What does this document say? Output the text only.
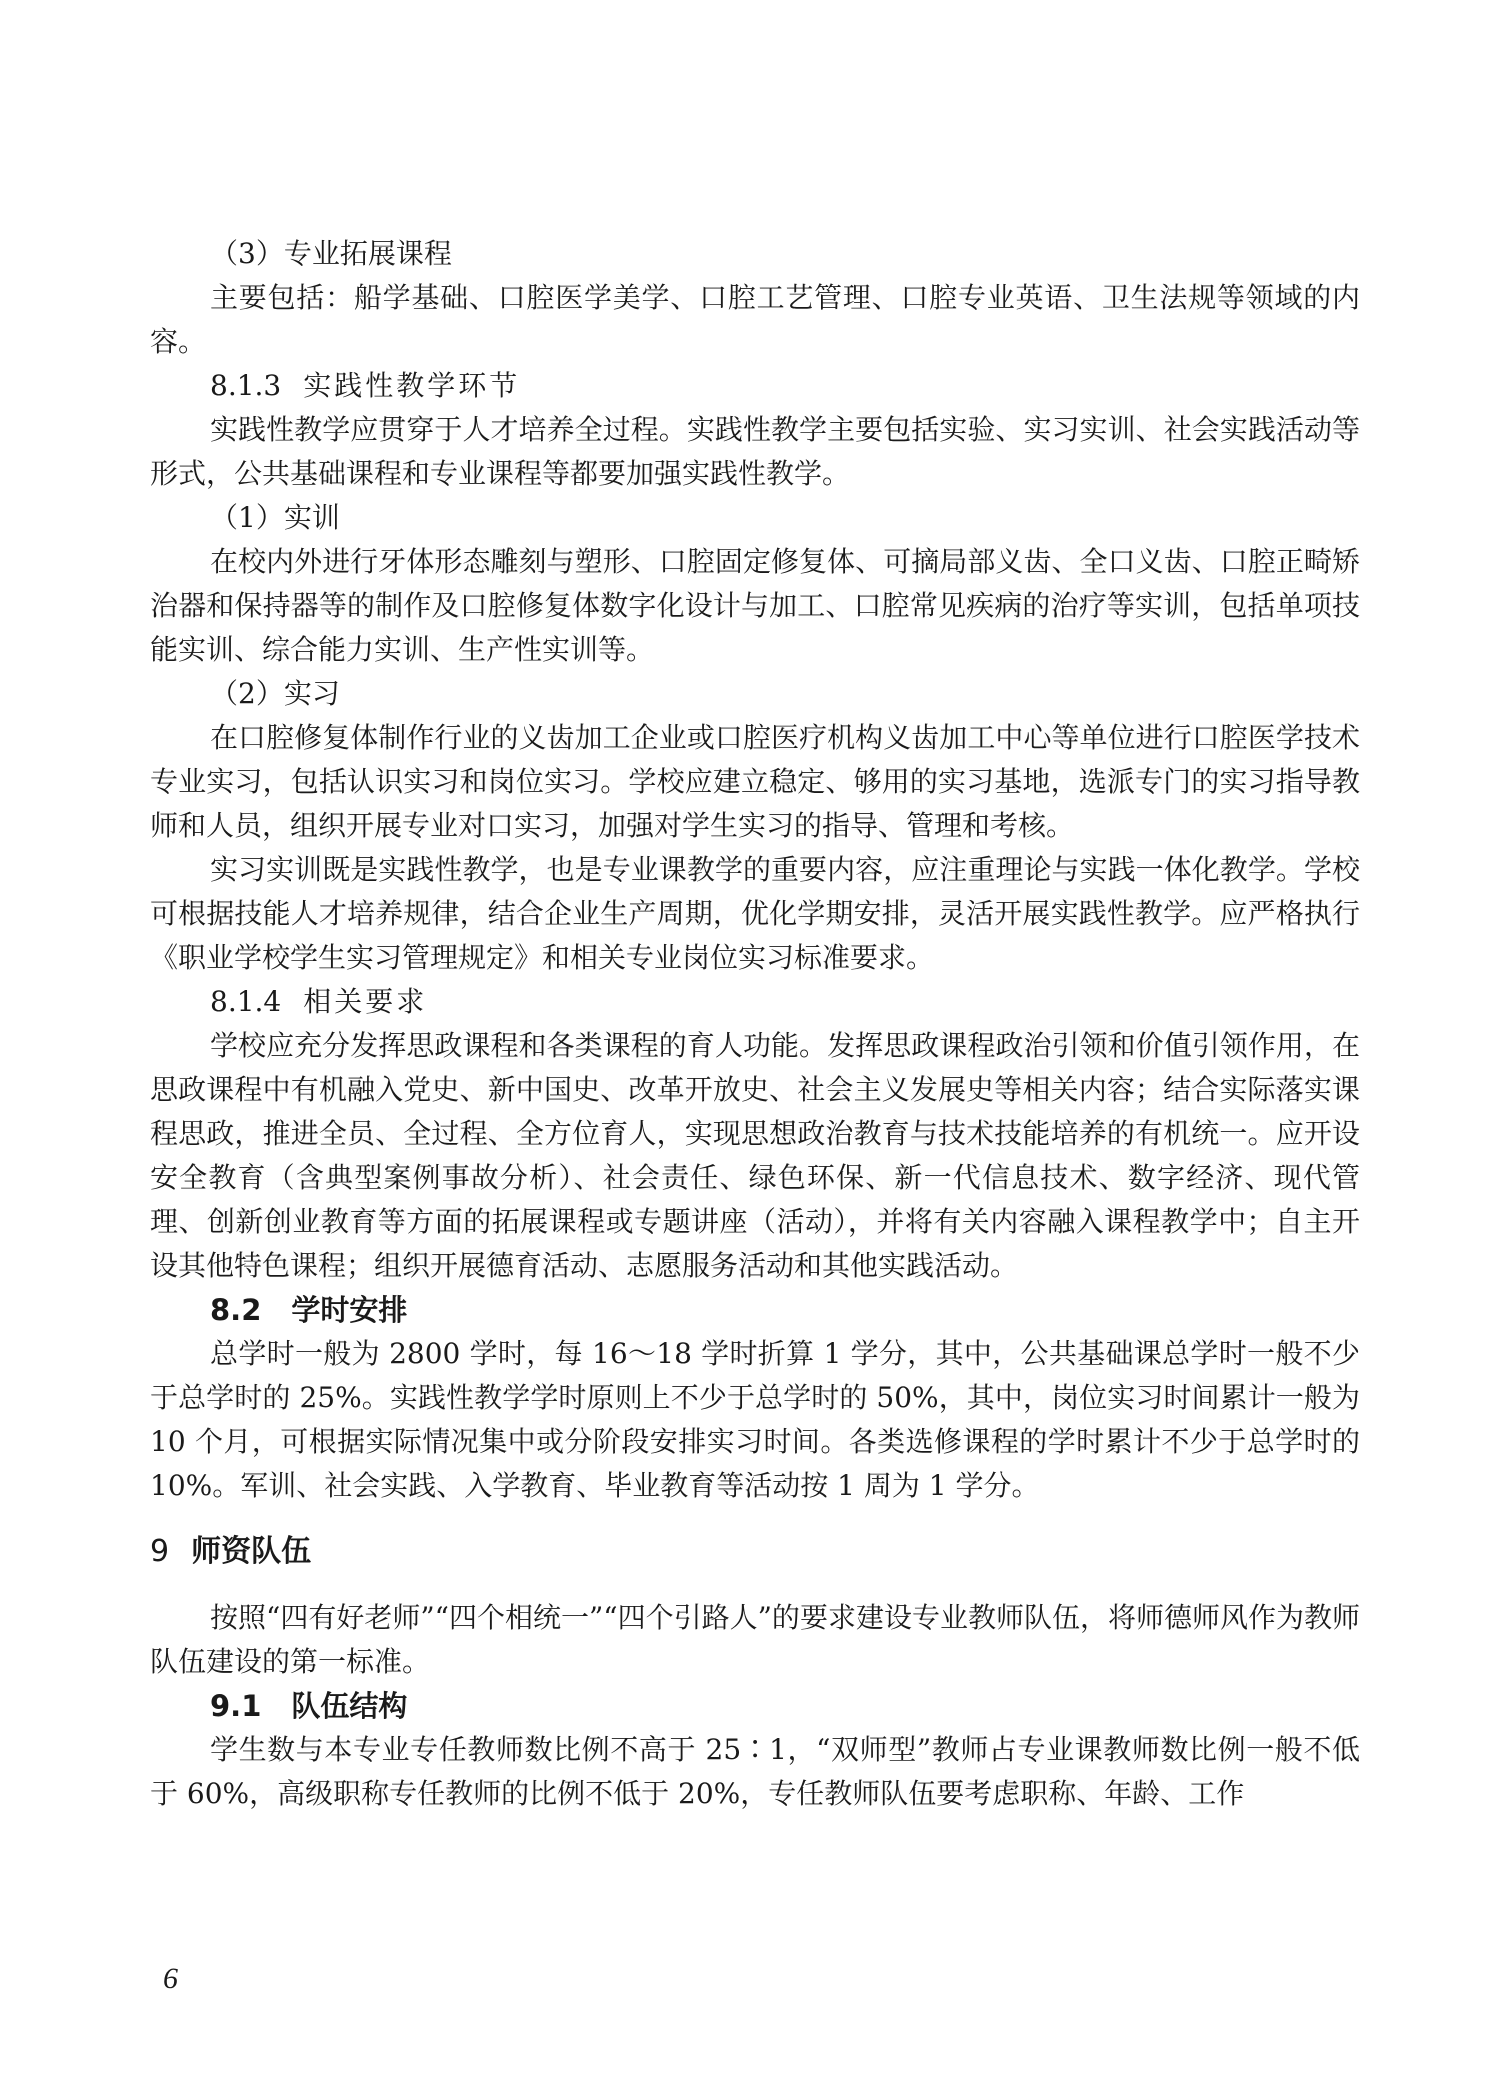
（3）专业拓展课程

主要包括：船学基础、口腔医学美学、口腔工艺管理、口腔专业英语、卫生法规等领域的内容。

8.1.3 实践性教学环节

实践性教学应贯穿于人才培养全过程。实践性教学主要包括实验、实习实训、社会实践活动等形式，公共基础课程和专业课程等都要加强实践性教学。

（1）实训

在校内外进行牙体形态雕刻与塑形、口腔固定修复体、可摘局部义齿、全口义齿、口腔正畸矫治器和保持器等的制作及口腔修复体数字化设计与加工、口腔常见疾病的治疗等实训，包括单项技能实训、综合能力实训、生产性实训等。

（2）实习

在口腔修复体制作行业的义齿加工企业或口腔医疗机构义齿加工中心等单位进行口腔医学技术专业实习，包括认识实习和岗位实习。学校应建立稳定、够用的实习基地，选派专门的实习指导教师和人员，组织开展专业对口实习，加强对学生实习的指导、管理和考核。

实习实训既是实践性教学，也是专业课教学的重要内容，应注重理论与实践一体化教学。学校可根据技能人才培养规律，结合企业生产周期，优化学期安排，灵活开展实践性教学。应严格执行《职业学校学生实习管理规定》和相关专业岗位实习标准要求。

8.1.4 相关要求

学校应充分发挥思政课程和各类课程的育人功能。发挥思政课程政治引领和价值引领作用，在思政课程中有机融入党史、新中国史、改革开放史、社会主义发展史等相关内容；结合实际落实课程思政，推进全员、全过程、全方位育人，实现思想政治教育与技术技能培养的有机统一。应开设安全教育（含典型案例事故分析）、社会责任、绿色环保、新一代信息技术、数字经济、现代管理、创新创业教育等方面的拓展课程或专题讲座（活动），并将有关内容融入课程教学中；自主开设其他特色课程；组织开展德育活动、志愿服务活动和其他实践活动。

8.2 学时安排

总学时一般为 2800 学时，每 16～18 学时折算 1 学分，其中，公共基础课总学时一般不少于总学时的 25%。实践性教学学时原则上不少于总学时的 50%，其中，岗位实习时间累计一般为 10 个月，可根据实际情况集中或分阶段安排实习时间。各类选修课程的学时累计不少于总学时的 10%。军训、社会实践、入学教育、毕业教育等活动按 1 周为 1 学分。

9 师资队伍

按照“四有好老师”“四个相统一”“四个引路人”的要求建设专业教师队伍，将师德师风作为教师队伍建设的第一标准。

9.1 队伍结构

学生数与本专业专任教师数比例不高于 25∶1，“双师型”教师占专业课教师数比例一般不低于 60%，高级职称专任教师的比例不低于 20%，专任教师队伍要考虑职称、年龄、工作

6
